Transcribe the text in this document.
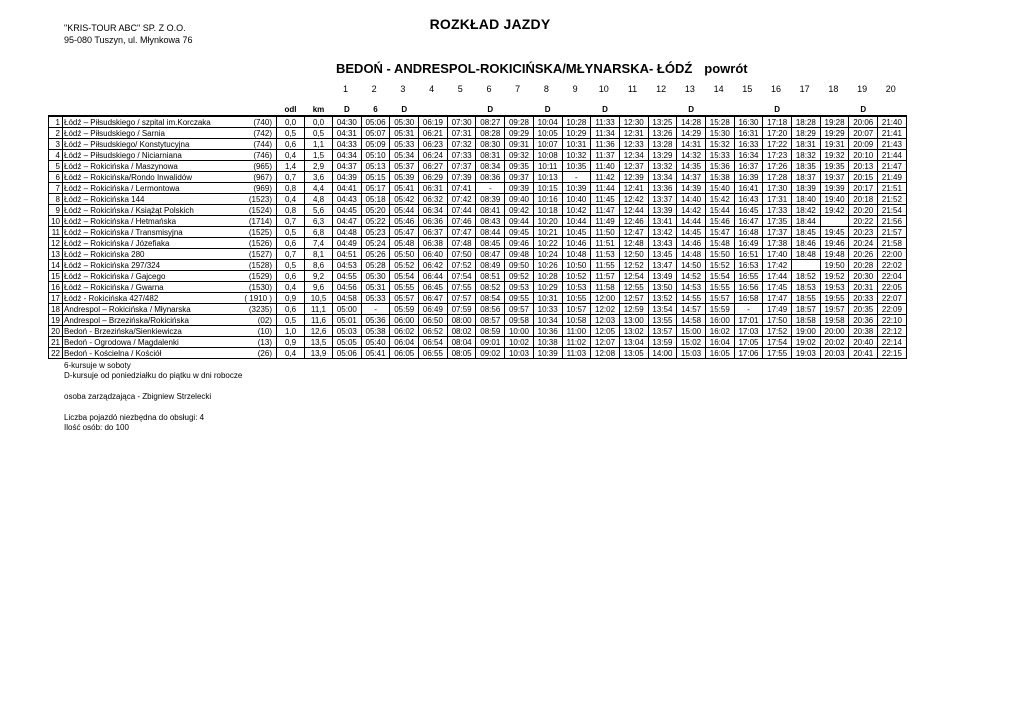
"KRIS-TOUR ABC" SP. Z O.O.
95-080 Tuszyn, ul. Młynkowa 76
ROZKŁAD JAZDY
BEDOŃ - ANDRESPOL-ROKICIŃSKA/MŁYNARSKA- ŁÓDŹ powrót
1	2	3	4	5	6	7	8	9	10	11	12	13	14	15	16	17	18	19	20
			odl	km	D	6	D			D		D		D			D			D			D	
1	Łódź – Piłsudskiego / szpital im.Korczaka	(740)	0,0	0,0	04:30	05:06	05:30	06:19	07:30	08:27	09:28	10:04	10:28	11:33	12:30	13:25	14:28	15:28	16:30	17:18	18:28	19:28	20:06	21:40
2	Łódź – Piłsudskiego / Sarnia	(742)	0,5	0,5	04:31	05:07	05:31	06:21	07:31	08:28	09:29	10:05	10:29	11:34	12:31	13:26	14:29	15:30	16:31	17:20	18:29	19:29	20:07	21:41
3	Łódź – Piłsudskiego/ Konstytucyjna	(744)	0,6	1,1	04:33	05:09	05:33	06:23	07:32	08:30	09:31	10:07	10:31	11:36	12:33	13:28	14:31	15:32	16:33	17:22	18:31	19:31	20:09	21:43
4	Łódź – Piłsudskiego / Niciarniana	(746)	0,4	1,5	04:34	05:10	05:34	06:24	07:33	08:31	09:32	10:08	10:32	11:37	12:34	13:29	14:32	15:33	16:34	17:23	18:32	19:32	20:10	21:44
5	Łódź – Rokicińska / Maszynowa	(965)	1,4	2,9	04:37	05:13	05:37	06:27	07:37	08:34	09:35	10:11	10:35	11:40	12:37	13:32	14:35	15:36	16:37	17:26	18:35	19:35	20:13	21:47
6	Łódź – Rokicińska/Rondo Inwalidów	(967)	0,7	3,6	04:39	05:15	05:39	06:29	07:39	08:36	09:37	10:13	-	11:42	12:39	13:34	14:37	15:38	16:39	17:28	18:37	19:37	20:15	21:49
7	Łódź – Rokicińska / Lermontowa	(969)	0,8	4,4	04:41	05:17	05:41	06:31	07:41	-	09:39	10:15	10:39	11:44	12:41	13:36	14:39	15:40	16:41	17:30	18:39	19:39	20:17	21:51
8	Łódź – Rokicińska 144	(1523)	0,4	4,8	04:43	05:18	05:42	06:32	07:42	08:39	09:40	10:16	10:40	11:45	12:42	13:37	14:40	15:42	16:43	17:31	18:40	19:40	20:18	21:52
9	Łódź – Rokicińska / Książąt Polskich	(1524)	0,8	5,6	04:45	05:20	05:44	06:34	07:44	08:41	09:42	10:18	10:42	11:47	12:44	13:39	14:42	15:44	16:45	17:33	18:42	19:42	20:20	21:54
10	Łódź – Rokicińska / Hetmańska	(1714)	0,7	6,3	04:47	05:22	05:46	06:36	07:46	08:43	09:44	10:20	10:44	11:49	12:46	13:41	14:44	15:46	16:47	17:35	18:44		20:22	21:56
11	Łódź – Rokicińska / Transmisyjna	(1525)	0,5	6,8	04:48	05:23	05:47	06:37	07:47	08:44	09:45	10:21	10:45	11:50	12:47	13:42	14:45	15:47	16:48	17:37	18:45	19:45	20:23	21:57
12	Łódź – Rokicińska / Józefiaka	(1526)	0,6	7,4	04:49	05:24	05:48	06:38	07:48	08:45	09:46	10:22	10:46	11:51	12:48	13:43	14:46	15:48	16:49	17:38	18:46	19:46	20:24	21:58
13	Łódź – Rokicińska 280	(1527)	0,7	8,1	04:51	05:26	05:50	06:40	07:50	08:47	09:48	10:24	10:48	11:53	12:50	13:45	14:48	15:50	16:51	17:40	18:48	19:48	20:26	22:00
14	Łódź – Rokicińska 297/324	(1528)	0,5	8,6	04:53	05:28	05:52	06:42	07:52	08:49	09:50	10:26	10:50	11:55	12:52	13:47	14:50	15:52	16:53	17:42		19:50	20:28	22:02
15	Łódź – Rokicińska / Gajcego	(1529)	0,6	9,2	04:55	05:30	05:54	06:44	07:54	08:51	09:52	10:28	10:52	11:57	12:54	13:49	14:52	15:54	16:55	17:44	18:52	19:52	20:30	22:04
16	Łódź – Rokicińska / Gwarna	(1530)	0,4	9,6	04:56	05:31	05:55	06:45	07:55	08:52	09:53	10:29	10:53	11:58	12:55	13:50	14:53	15:55	16:56	17:45	18:53	19:53	20:31	22:05
17	Łódź - Rokicińska 427/482	( 1910 )	0,9	10,5	04:58	05:33	05:57	06:47	07:57	08:54	09:55	10:31	10:55	12:00	12:57	13:52	14:55	15:57	16:58	17:47	18:55	19:55	20:33	22:07
18	Andrespol – Rokicińska / Młynarska	(3235)	0,6	11,1	05:00	-	05:59	06:49	07:59	08:56	09:57	10:33	10:57	12:02	12:59	13:54	14:57	15:59	-	17:49	18:57	19:57	20:35	22:09
19	Andrespol – Brzezińska/Rokicińska	(02)	0,5	11,6	05:01	05:36	06:00	06:50	08:00	08:57	09:58	10:34	10:58	12:03	13:00	13:55	14:58	16:00	17:01	17:50	18:58	19:58	20:36	22:10
20	Bedoń - Brzezińska/Sienkiewicza	(10)	1,0	12,6	05:03	05:38	06:02	06:52	08:02	08:59	10:00	10:36	11:00	12:05	13:02	13:57	15:00	16:02	17:03	17:52	19:00	20:00	20:38	22:12
21	Bedoń - Ogrodowa / Magdalenki	(13)	0,9	13,5	05:05	05:40	06:04	06:54	08:04	09:01	10:02	10:38	11:02	12:07	13:04	13:59	15:02	16:04	17:05	17:54	19:02	20:02	20:40	22:14
22	Bedoń - Kościelna / Kościół	(26)	0,4	13,9	05:06	05:41	06:05	06:55	08:05	09:02	10:03	10:39	11:03	12:08	13:05	14:00	15:03	16:05	17:06	17:55	19:03	20:03	20:41	22:15
6-kursuje w soboty
D-kursuje od poniedziałku do piątku w dni robocze
osoba zarządzająca - Zbigniew Strzelecki
Liczba pojazdó niezbędna do obsługi: 4
Ilość osób: do 100
